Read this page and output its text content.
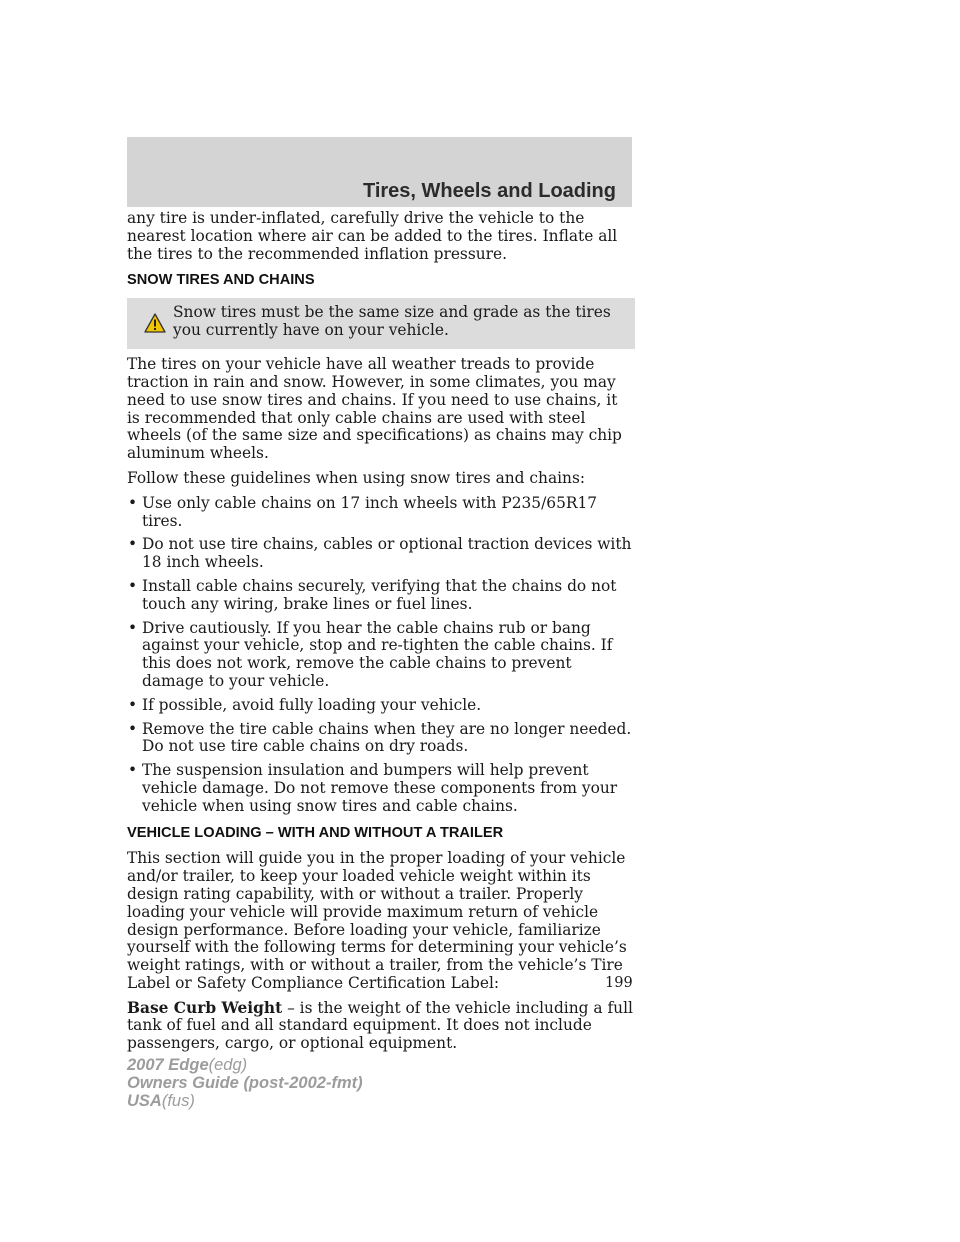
Tires, Wheels and Loading

any tire is under-inflated, carefully drive the vehicle to the nearest location where air can be added to the tires. Inflate all the tires to the recommended inflation pressure.

SNOW TIRES AND CHAINS
Snow tires must be the same size and grade as the tires you currently have on your vehicle.

The tires on your vehicle have all weather treads to provide traction in rain and snow. However, in some climates, you may need to use snow tires and chains. If you need to use chains, it is recommended that only cable chains are used with steel wheels (of the same size and specifications) as chains may chip aluminum wheels.

Follow these guidelines when using snow tires and chains:

• Use only cable chains on 17 inch wheels with P235/65R17 tires.
• Do not use tire chains, cables or optional traction devices with 18 inch wheels.
• Install cable chains securely, verifying that the chains do not touch any wiring, brake lines or fuel lines.
• Drive cautiously. If you hear the cable chains rub or bang against your vehicle, stop and re-tighten the cable chains. If this does not work, remove the cable chains to prevent damage to your vehicle.
• If possible, avoid fully loading your vehicle.
• Remove the tire cable chains when they are no longer needed. Do not use tire cable chains on dry roads.
• The suspension insulation and bumpers will help prevent vehicle damage. Do not remove these components from your vehicle when using snow tires and cable chains.
VEHICLE LOADING – WITH AND WITHOUT A TRAILER

This section will guide you in the proper loading of your vehicle and/or trailer, to keep your loaded vehicle weight within its design rating capability, with or without a trailer. Properly loading your vehicle will provide maximum return of vehicle design performance. Before loading your vehicle, familiarize yourself with the following terms for determining your vehicle’s weight ratings, with or without a trailer, from the vehicle’s Tire Label or Safety Compliance Certification Label:

Base Curb Weight – is the weight of the vehicle including a full tank of fuel and all standard equipment. It does not include passengers, cargo, or optional equipment.

199
2007 Edge(edg)
Owners Guide (post-2002-fmt)
USA(fus)
